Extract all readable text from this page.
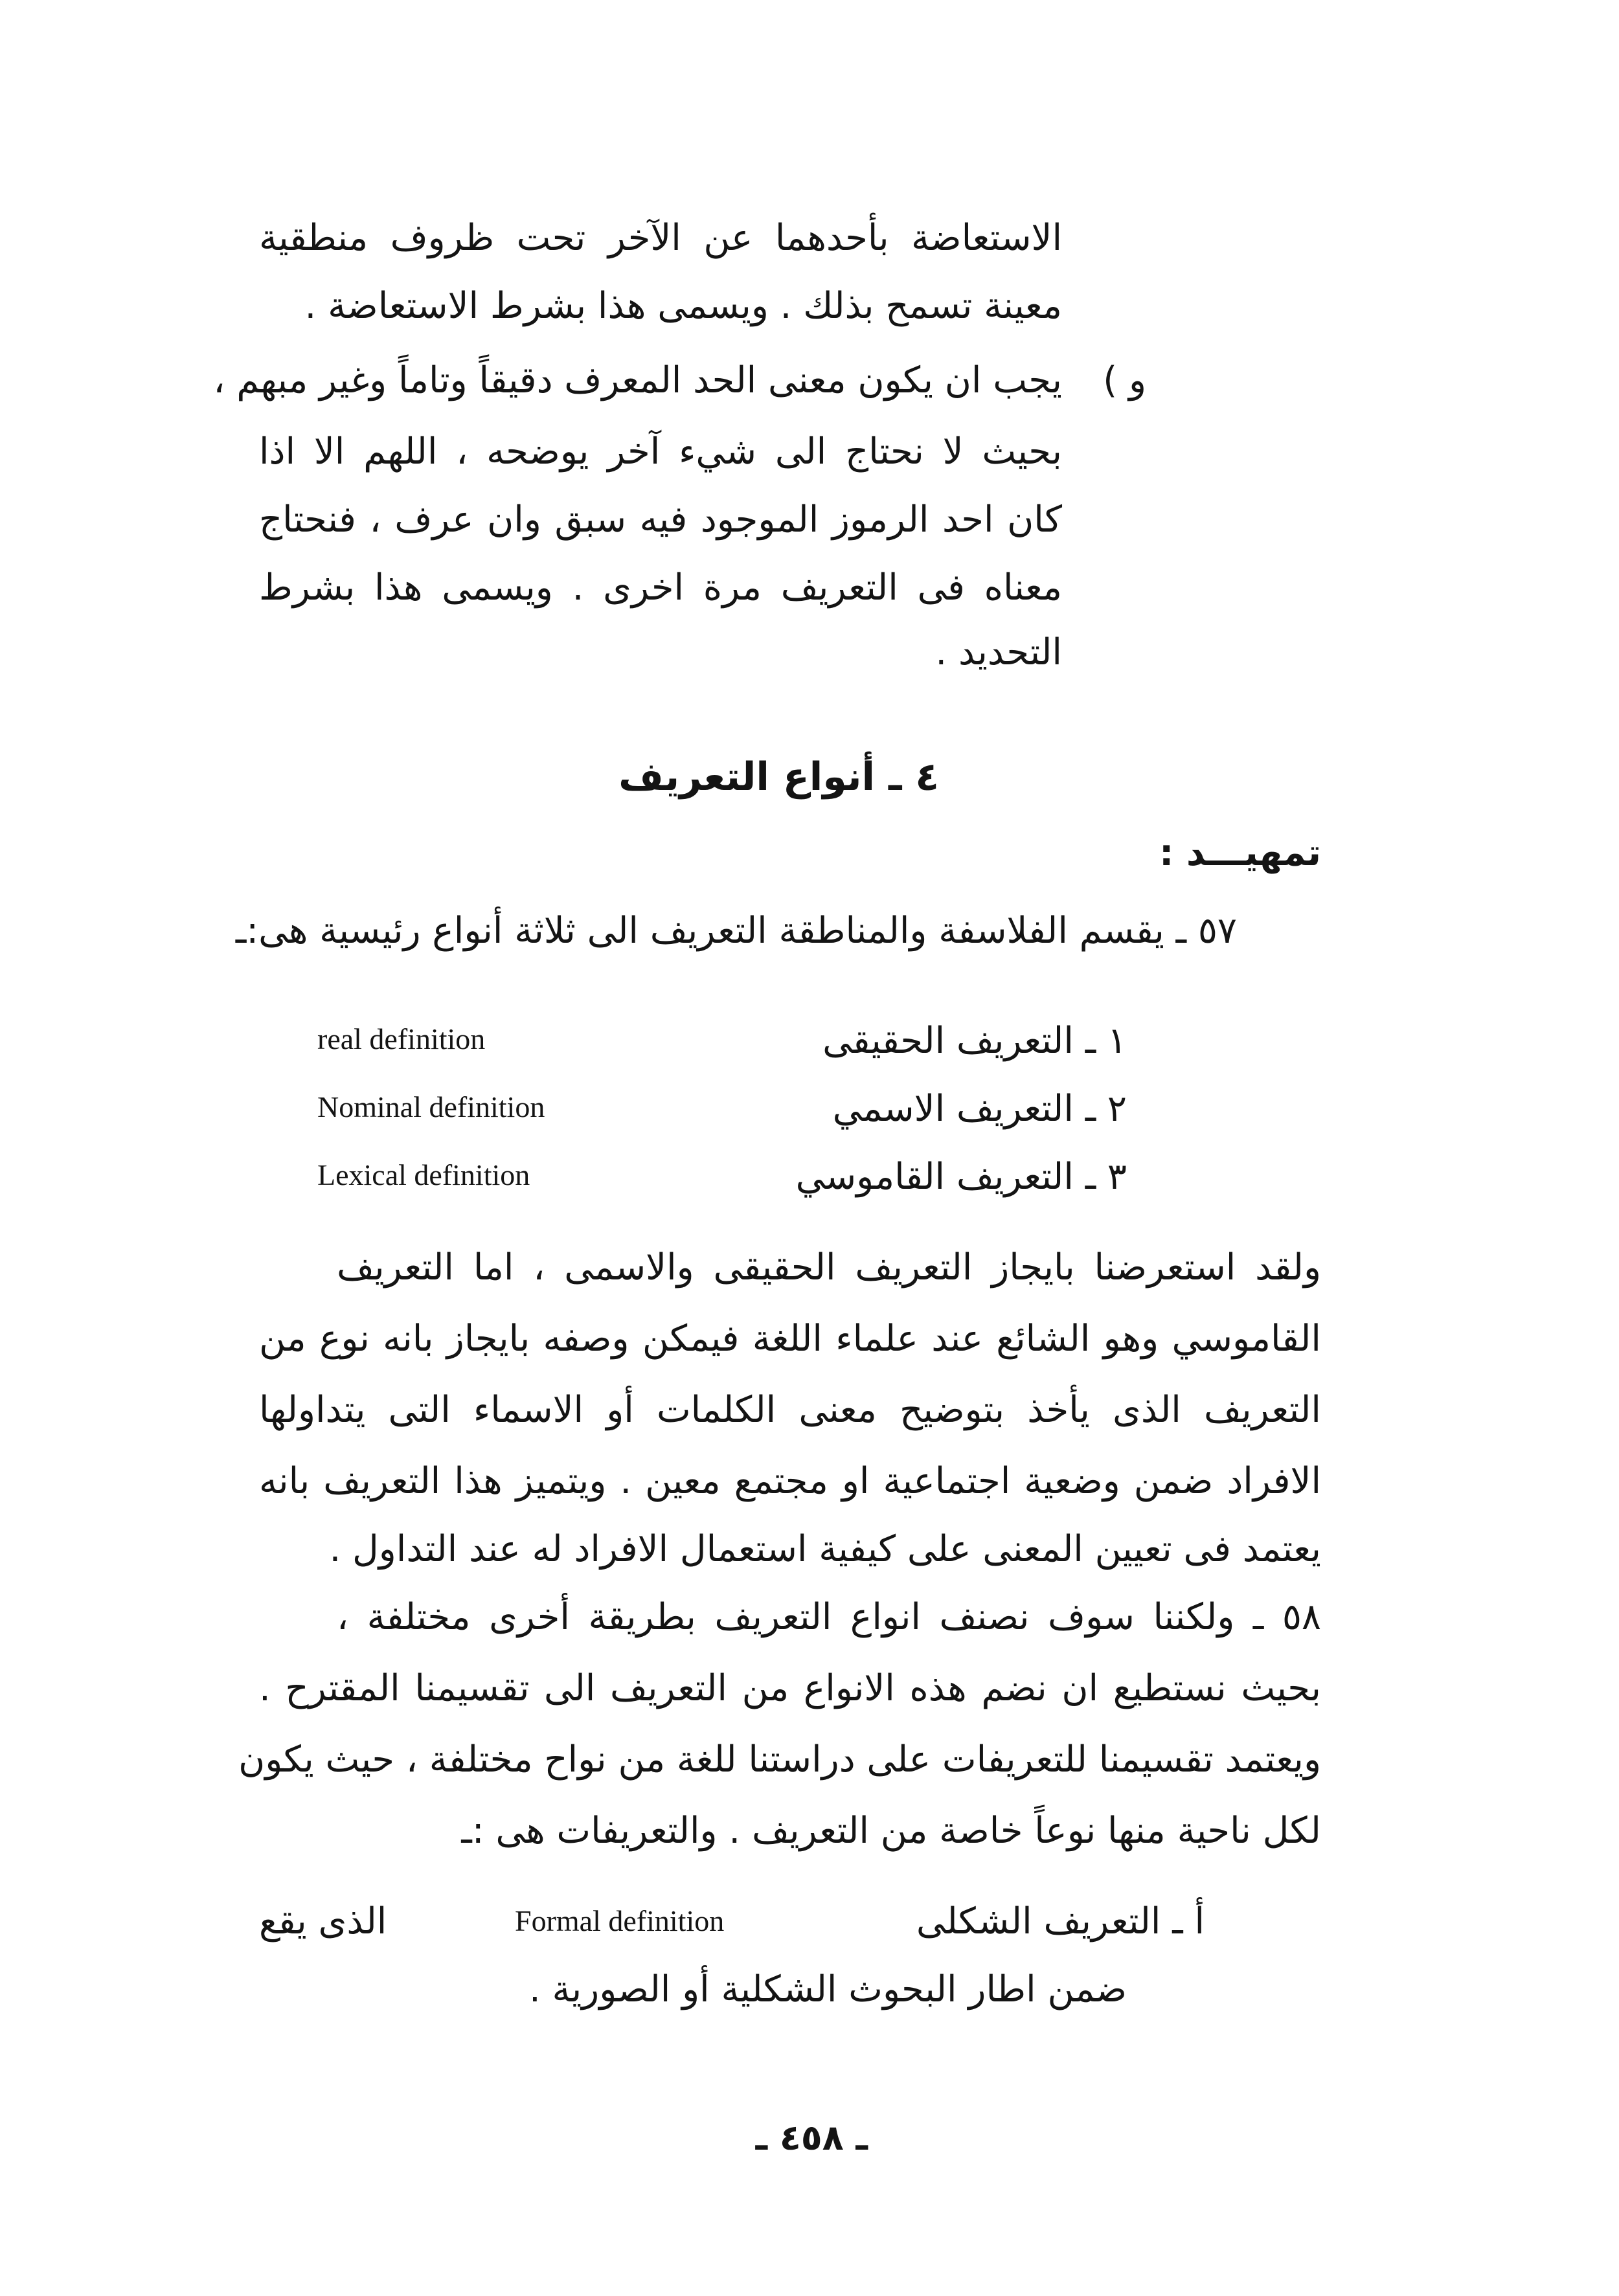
الاستعاضة بأحدهما عن الآخر تحت ظروف منطقية
معينة تسمح بذلك . ويسمى هذا بشرط الاستعاضة .
و )
يجب ان يكون معنى الحد المعرف دقيقاً وتاماً وغير مبهم ،
بحيث لا نحتاج الى شيء آخر يوضحه ، اللهم الا اذا
كان احد الرموز الموجود فيه سبق وان عرف ، فنحتاج
معناه فى التعريف مرة اخرى . ويسمى هذا بشرط
التحديد .
٤ ـ أنواع التعريف
تمهيـــد :
٥٧ ـ يقسم الفلاسفة والمناطقة التعريف الى ثلاثة أنواع رئيسية هى:ـ
١ ـ التعريف الحقيقى
real definition
٢ ـ التعريف الاسمي
Nominal definition
٣ ـ التعريف القاموسي
Lexical definition
ولقد استعرضنا بايجاز التعريف الحقيقى والاسمى ، اما التعريف
القاموسي وهو الشائع عند علماء اللغة فيمكن وصفه بايجاز بانه نوع من
التعريف الذى يأخذ بتوضيح معنى الكلمات أو الاسماء التى يتداولها
الافراد ضمن وضعية اجتماعية او مجتمع معين . ويتميز هذا التعريف بانه
يعتمد فى تعيين المعنى على كيفية استعمال الافراد له عند التداول .
٥٨ ـ ولكننا سوف نصنف انواع التعريف بطريقة أخرى مختلفة ،
بحيث نستطيع ان نضم هذه الانواع من التعريف الى تقسيمنا المقترح .
ويعتمد تقسيمنا للتعريفات على دراستنا للغة من نواح مختلفة ، حيث يكون
لكل ناحية منها نوعاً خاصة من التعريف . والتعريفات هى :ـ
أ ـ التعريف الشكلى
Formal definition
الذى يقع
ضمن اطار البحوث الشكلية أو الصورية .
ـ ٤٥٨ ـ
